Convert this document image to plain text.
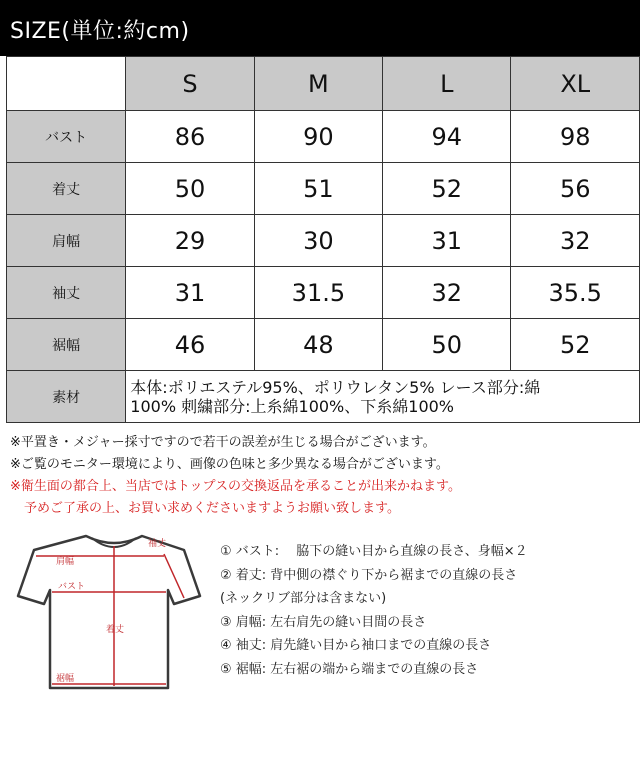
SIZE(単位:約cm)
	S	M	L	XL
バスト	86	90	94	98
着丈	50	51	52	56
肩幅	29	30	31	32
袖丈	31	31.5	32	35.5
裾幅	46	48	50	52
素材	本体:ポリエステル95%、ポリウレタン5% レース部分:綿
100% 刺繍部分:上糸綿100%、下糸綿100%			
※平置き・メジャー採寸ですので若干の誤差が生じる場合がございます。
※ご覧のモニター環境により、画像の色味と多少異なる場合がございます。
※衛生面の都合上、当店ではトップスの交換返品を承ることが出来かねます。
予めご了承の上、お買い求めくださいますようお願い致します。
肩幅
袖丈
バスト
着丈
裾幅
① バスト:　 脇下の縫い目から直線の長さ、身幅×２
② 着丈: 背中側の襟ぐり下から裾までの直線の長さ
(ネックリブ部分は含まない)
③ 肩幅: 左右肩先の縫い目間の長さ
④ 袖丈: 肩先縫い目から袖口までの直線の長さ
⑤ 裾幅: 左右裾の端から端までの直線の長さ
